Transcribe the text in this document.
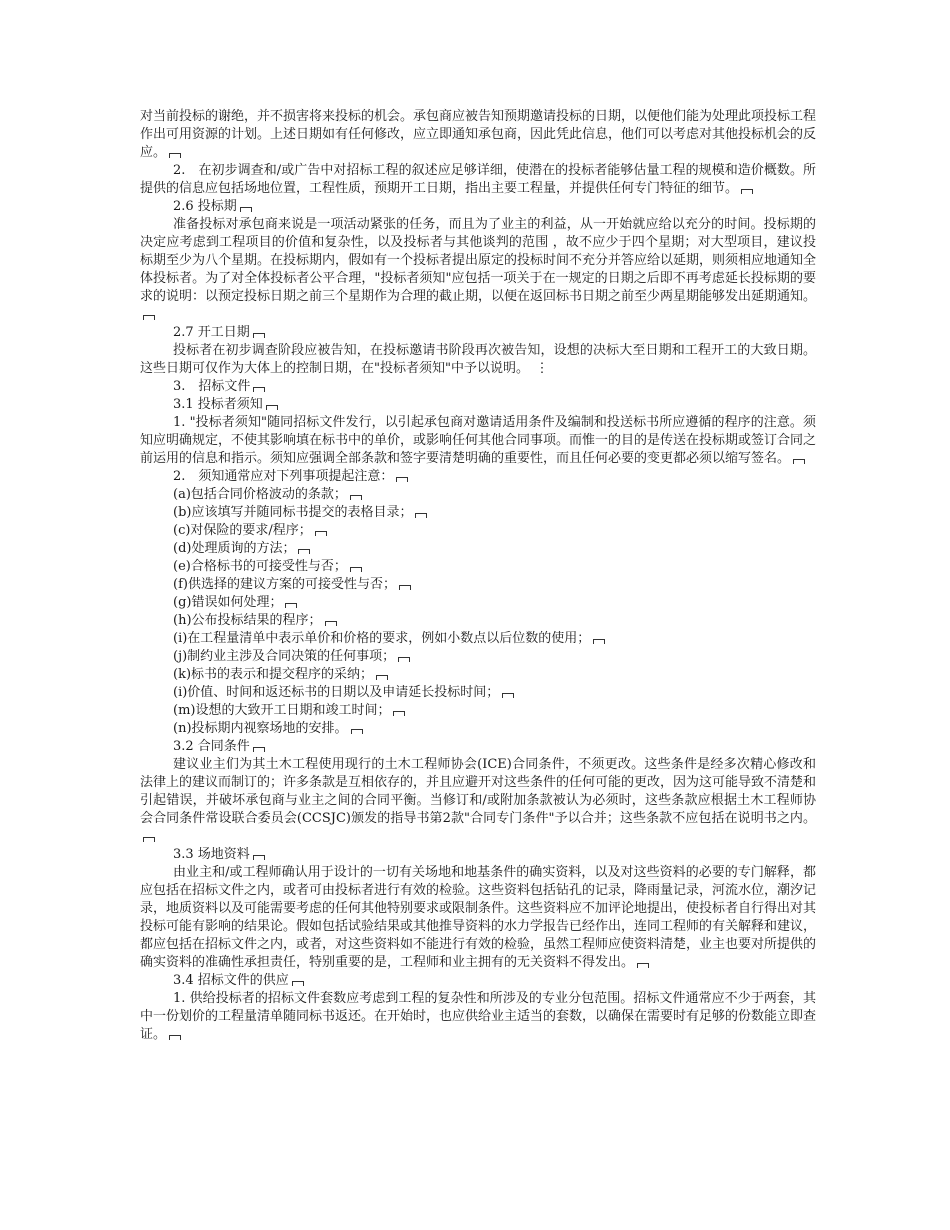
对当前投标的谢绝，并不损害将来投标的机会。承包商应被告知预期邀请投标的日期，以便他们能为处理此项投标工程作出可用资源的计划。上述日期如有任何修改，应立即通知承包商，因此凭此信息，他们可以考虑对其他投标机会的反应。

2.　在初步调查和/或广告中对招标工程的叙述应足够详细，使潜在的投标者能够估量工程的规模和造价概数。所提供的信息应包括场地位置，工程性质，预期开工日期，指出主要工程量，并提供任何专门特征的细节。

2.6 投标期

准备投标对承包商来说是一项活动紧张的任务，而且为了业主的利益，从一开始就应给以充分的时间。投标期的决定应考虑到工程项目的价值和复杂性，以及投标者与其他谈判的范围 ，故不应少于四个星期；对大型项目，建议投标期至少为八个星期。在投标期内，假如有一个投标者提出原定的投标时间不充分并答应给以延期，则须相应地通知全体投标者。为了对全体投标者公平合理，"投标者须知"应包括一项关于在一规定的日期之后即不再考虑延长投标期的要求的说明：以预定投标日期之前三个星期作为合理的截止期，以便在返回标书日期之前至少两星期能够发出延期通知。

2.7 开工日期

投标者在初步调查阶段应被告知，在投标邀请书阶段再次被告知，设想的决标大至日期和工程开工的大致日期。这些日期可仅作为大体上的控制日期，在"投标者须知"中予以说明。　⋮

3.　招标文件

3.1 投标者须知

1. "投标者须知"随同招标文件发行，以引起承包商对邀请适用条件及编制和投送标书所应遵循的程序的注意。须知应明确规定，不使其影响填在标书中的单价，或影响任何其他合同事项。而惟一的目的是传送在投标期或签订合同之前运用的信息和指示。须知应强调全部条款和签字要清楚明确的重要性，而且任何必要的变更都必须以缩写签名。

2.　须知通常应对下列事项提起注意：

(a)包括合同价格波动的条款；

(b)应该填写并随同标书提交的表格目录；

(c)对保险的要求/程序；

(d)处理质询的方法；

(e)合格标书的可接受性与否；

(f)供选择的建议方案的可接受性与否；

(g)错误如何处理；

(h)公布投标结果的程序；

(i)在工程量清单中表示单价和价格的要求，例如小数点以后位数的使用；

(j)制约业主涉及合同决策的任何事项；

(k)标书的表示和提交程序的采纳；

(i)价值、时间和返还标书的日期以及申请延长投标时间；

(m)设想的大致开工日期和竣工时间；

(n)投标期内视察场地的安排。

3.2 合同条件

建议业主们为其土木工程使用现行的土木工程师协会(ICE)合同条件，不须更改。这些条件是经多次精心修改和法律上的建议而制订的；许多条款是互相依存的，并且应避开对这些条件的任何可能的更改，因为这可能导致不清楚和引起错误，并破坏承包商与业主之间的合同平衡。当修订和/或附加条款被认为必须时，这些条款应根据土木工程师协会合同条件常设联合委员会(CCSJC)颁发的指导书第2款"合同专门条件"予以合并；这些条款不应包括在说明书之内。

3.3 场地资料

由业主和/或工程师确认用于设计的一切有关场地和地基条件的确实资料，以及对这些资料的必要的专门解释，都应包括在招标文件之内，或者可由投标者进行有效的检验。这些资料包括钻孔的记录，降雨量记录，河流水位，潮汐记录，地质资料以及可能需要考虑的任何其他特别要求或限制条件。这些资料应不加评论地提出，使投标者自行得出对其投标可能有影响的结果论。假如包括试验结果或其他推导资料的水力学报告已经作出，连同工程师的有关解释和建议，都应包括在招标文件之内，或者，对这些资料如不能进行有效的检验，虽然工程师应使资料清楚，业主也要对所提供的确实资料的准确性承担责任，特别重要的是，工程师和业主拥有的无关资料不得发出。

3.4 招标文件的供应

1. 供给投标者的招标文件套数应考虑到工程的复杂性和所涉及的专业分包范围。招标文件通常应不少于两套，其中一份划价的工程量清单随同标书返还。在开始时，也应供给业主适当的套数，以确保在需要时有足够的份数能立即查证。
